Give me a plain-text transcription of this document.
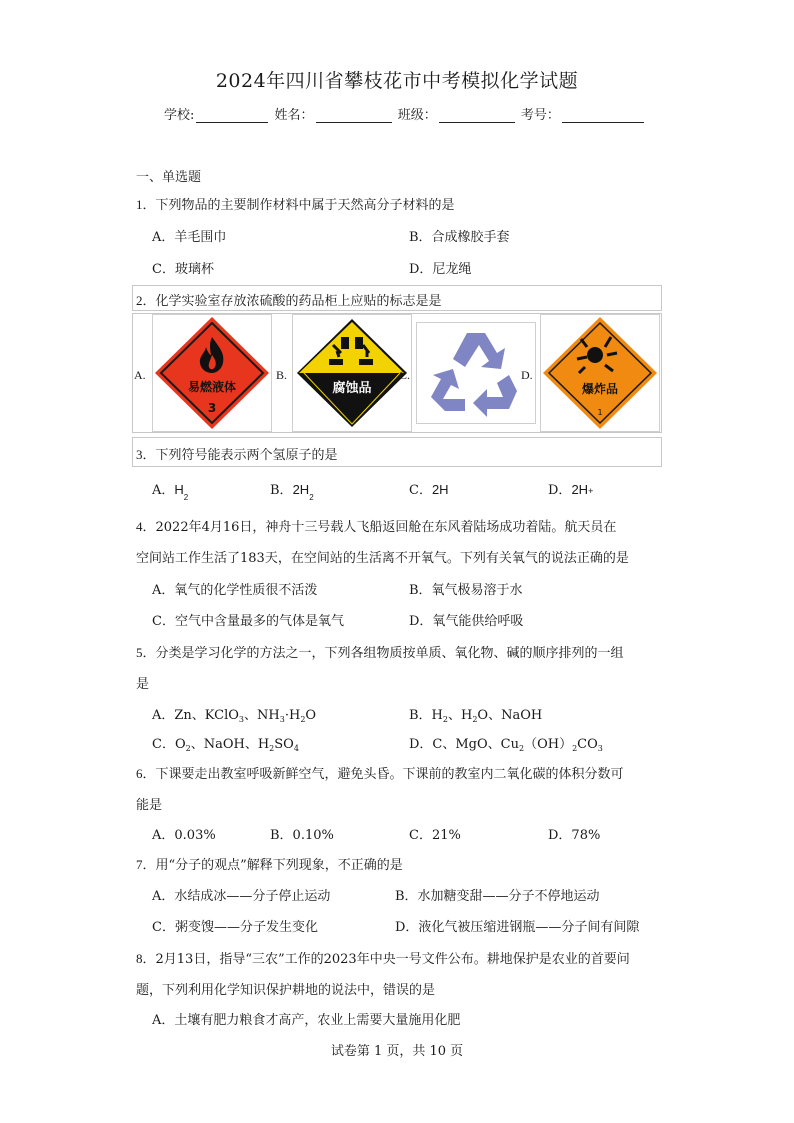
2024年四川省攀枝花市中考模拟化学试题
学校:	姓名：	班级：	考号：
一、单选题
1．下列物品的主要制作材料中属于天然高分子材料的是
A．羊毛围巾	B．合成橡胶手套
C．玻璃杯	D．尼龙绳
2．化学实验室存放浓硫酸的药品柜上应贴的标志是是
A.
易燃液体
3
B.
腐蚀品
C.	D.
爆炸品
1
3．下列符号能表示两个氢原子的是
A．$H_2$	B．$2H_2$	C．2H	D．2H+
4．2022年4月16日，神舟十三号载人飞船返回舱在东风着陆场成功着陆。航天员在
空间站工作生活了183天，在空间站的生活离不开氧气。下列有关氧气的说法正确的是
A．氧气的化学性质很不活泼	B．氧气极易溶于水
C．空气中含量最多的气体是氧气	D．氧气能供给呼吸
5．分类是学习化学的方法之一，下列各组物质按单质、氧化物、碱的顺序排列的一组
是
A．Zn、KClO$_3$、$NH_3\cdot H_2O$	B．$H_2$、$H_2O$、NaOH
C．$O_2$、NaOH、$H_2SO_4$	D．C、MgO、$Cu_2(OH)_2CO_3$
6．下课要走出教室呼吸新鲜空气，避免头昏。下课前的教室内二氧化碳的体积分数可
能是
A．0.03%	B．0.10%	C．21%	D．78%
7．用“分子的观点”解释下列现象，不正确的是
A．水结成冰——分子停止运动	B．水加糖变甜——分子不停地运动
C．粥变馊——分子发生变化	D．液化气被压缩进钢瓶——分子间有间隙
8．2月13日，指导“三农”工作的2023年中央一号文件公布。耕地保护是农业的首要问
题，下列利用化学知识保护耕地的说法中，错误的是
A．土壤有肥力粮食才高产，农业上需要大量施用化肥
试卷第 1 页，共 10 页
